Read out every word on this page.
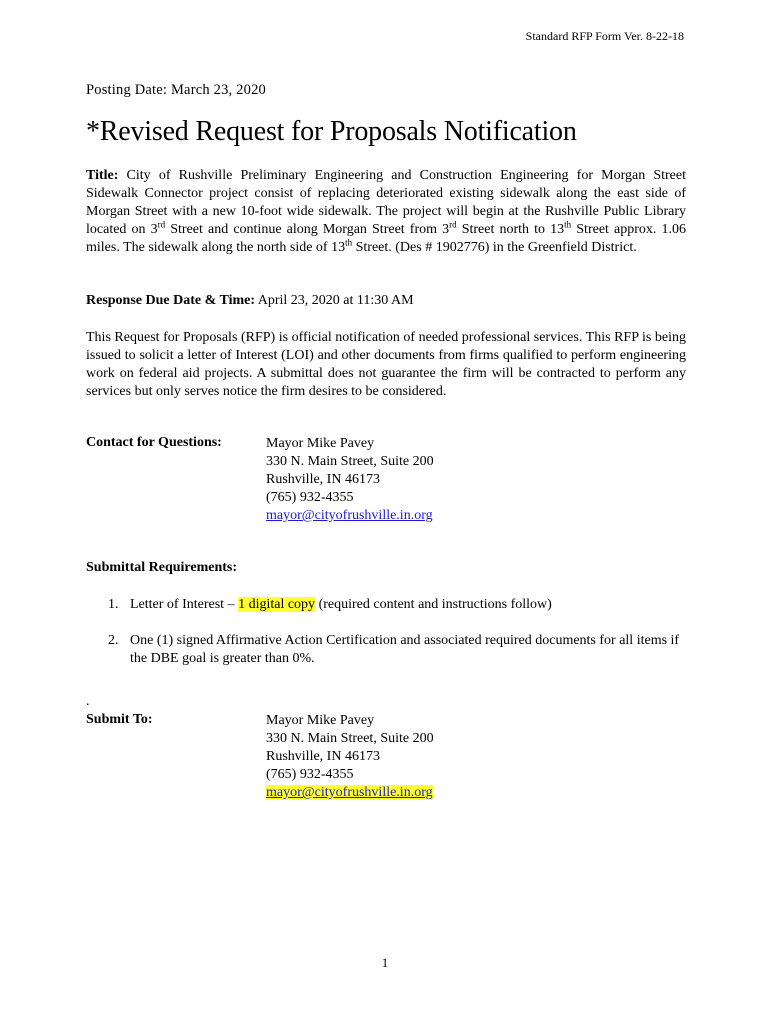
Standard RFP Form Ver. 8-22-18
Posting Date: March 23, 2020
*Revised Request for Proposals Notification

Title: City of Rushville Preliminary Engineering and Construction Engineering for Morgan Street Sidewalk Connector project consist of replacing deteriorated existing sidewalk along the east side of Morgan Street with a new 10-foot wide sidewalk. The project will begin at the Rushville Public Library located on 3rd Street and continue along Morgan Street from 3rd Street north to 13th Street approx. 1.06 miles. The sidewalk along the north side of 13th Street. (Des # 1902776) in the Greenfield District.

Response Due Date & Time: April 23, 2020 at 11:30 AM

This Request for Proposals (RFP) is official notification of needed professional services. This RFP is being issued to solicit a letter of Interest (LOI) and other documents from firms qualified to perform engineering work on federal aid projects. A submittal does not guarantee the firm will be contracted to perform any services but only serves notice the firm desires to be considered.

Contact for Questions:	Mayor Mike Pavey
330 N. Main Street, Suite 200
Rushville, IN 46173
(765) 932-4355
mayor@cityofrushville.in.org
Submittal Requirements:
1. Letter of Interest – 1 digital copy (required content and instructions follow)
2. One (1) signed Affirmative Action Certification and associated required documents for all items if the DBE goal is greater than 0%.
.
Submit To:	Mayor Mike Pavey
330 N. Main Street, Suite 200
Rushville, IN 46173
(765) 932-4355
mayor@cityofrushville.in.org
1
